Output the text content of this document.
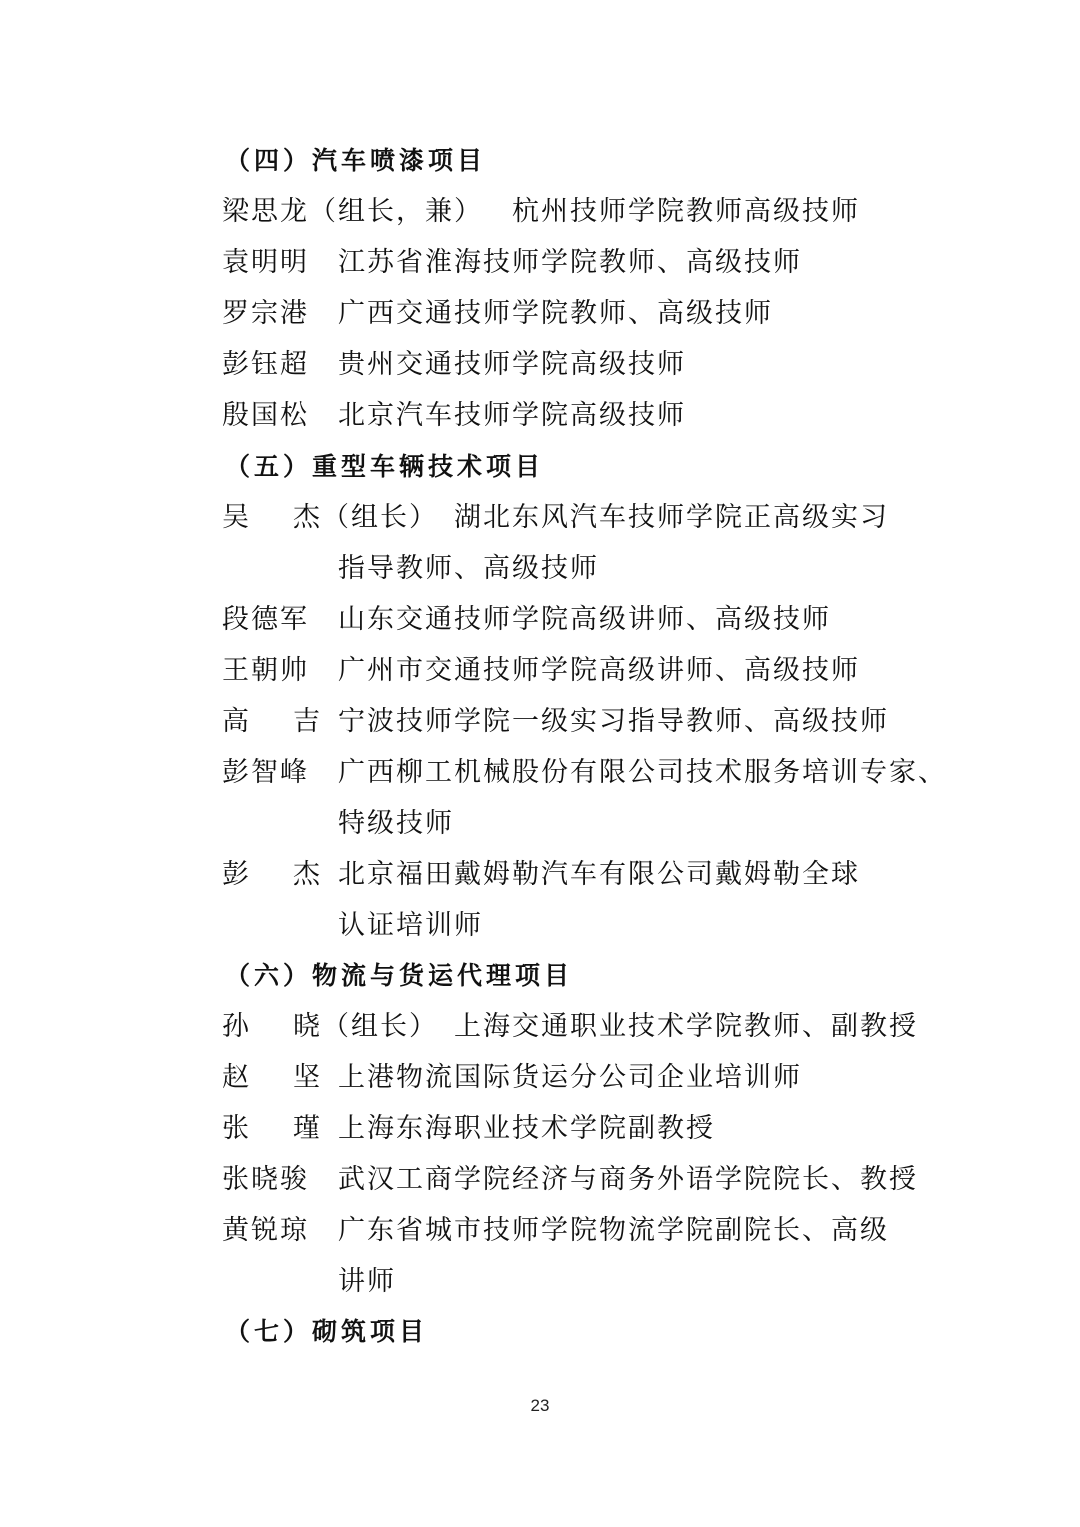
（四）汽车喷漆项目
梁思龙（组长，兼） 杭州技师学院教师高级技师
袁明明 江苏省淮海技师学院教师、高级技师
罗宗港 广西交通技师学院教师、高级技师
彭钰超 贵州交通技师学院高级技师
殷国松 北京汽车技师学院高级技师
（五）重型车辆技术项目
吴杰（组长） 湖北东风汽车技师学院正高级实习
指导教师、高级技师
段德军 山东交通技师学院高级讲师、高级技师
王朝帅 广州市交通技师学院高级讲师、高级技师
高吉
宁波技师学院一级实习指导教师、高级技师
彭智峰 广西柳工机械股份有限公司技术服务培训专家、
特级技师
彭杰
北京福田戴姆勒汽车有限公司戴姆勒全球
认证培训师
（六）物流与货运代理项目
孙晓（组长） 上海交通职业技术学院教师、副教授
赵坚
上港物流国际货运分公司企业培训师
张瑾
上海东海职业技术学院副教授
张晓骏 武汉工商学院经济与商务外语学院院长、教授
黄锐琼 广东省城市技师学院物流学院副院长、高级
讲师
（七）砌筑项目
23
